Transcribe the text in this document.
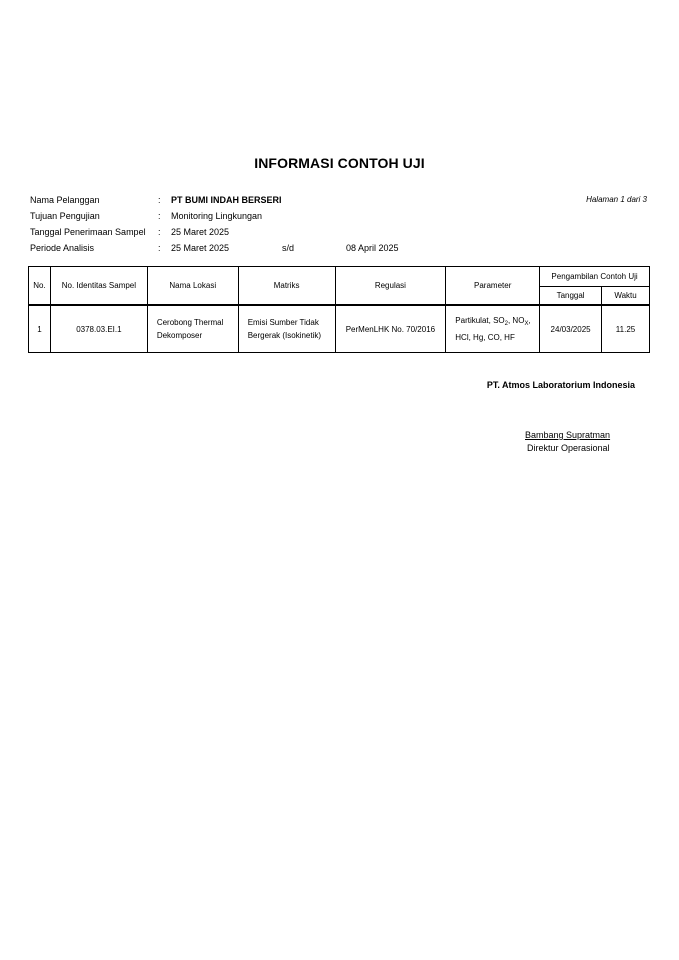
INFORMASI CONTOH UJI
Nama Pelanggan	: PT BUMI INDAH BERSERI	Halaman 1 dari 3
Tujuan Pengujian	: Monitoring Lingkungan
Tanggal Penerimaan Sampel : 25 Maret 2025
Periode Analisis	: 25 Maret 2025	s/d	08 April 2025
No.	No. Identitas Sampel	Nama Lokasi	Matriks	Regulasi	Parameter	Pengambilan Contoh Uji	
						Tanggal	Waktu
1	0378.03.EI.1	Cerobong Thermal Dekomposer	Emisi Sumber Tidak Bergerak (Isokinetik)	PerMenLHK No. 70/2016	Partikulat, $SO_2$, $NO_X$,
HCl, Hg, CO, HF	24/03/2025	11.25
PT. Atmos Laboratorium Indonesia
Bambang Supratman
Direktur Operasional
